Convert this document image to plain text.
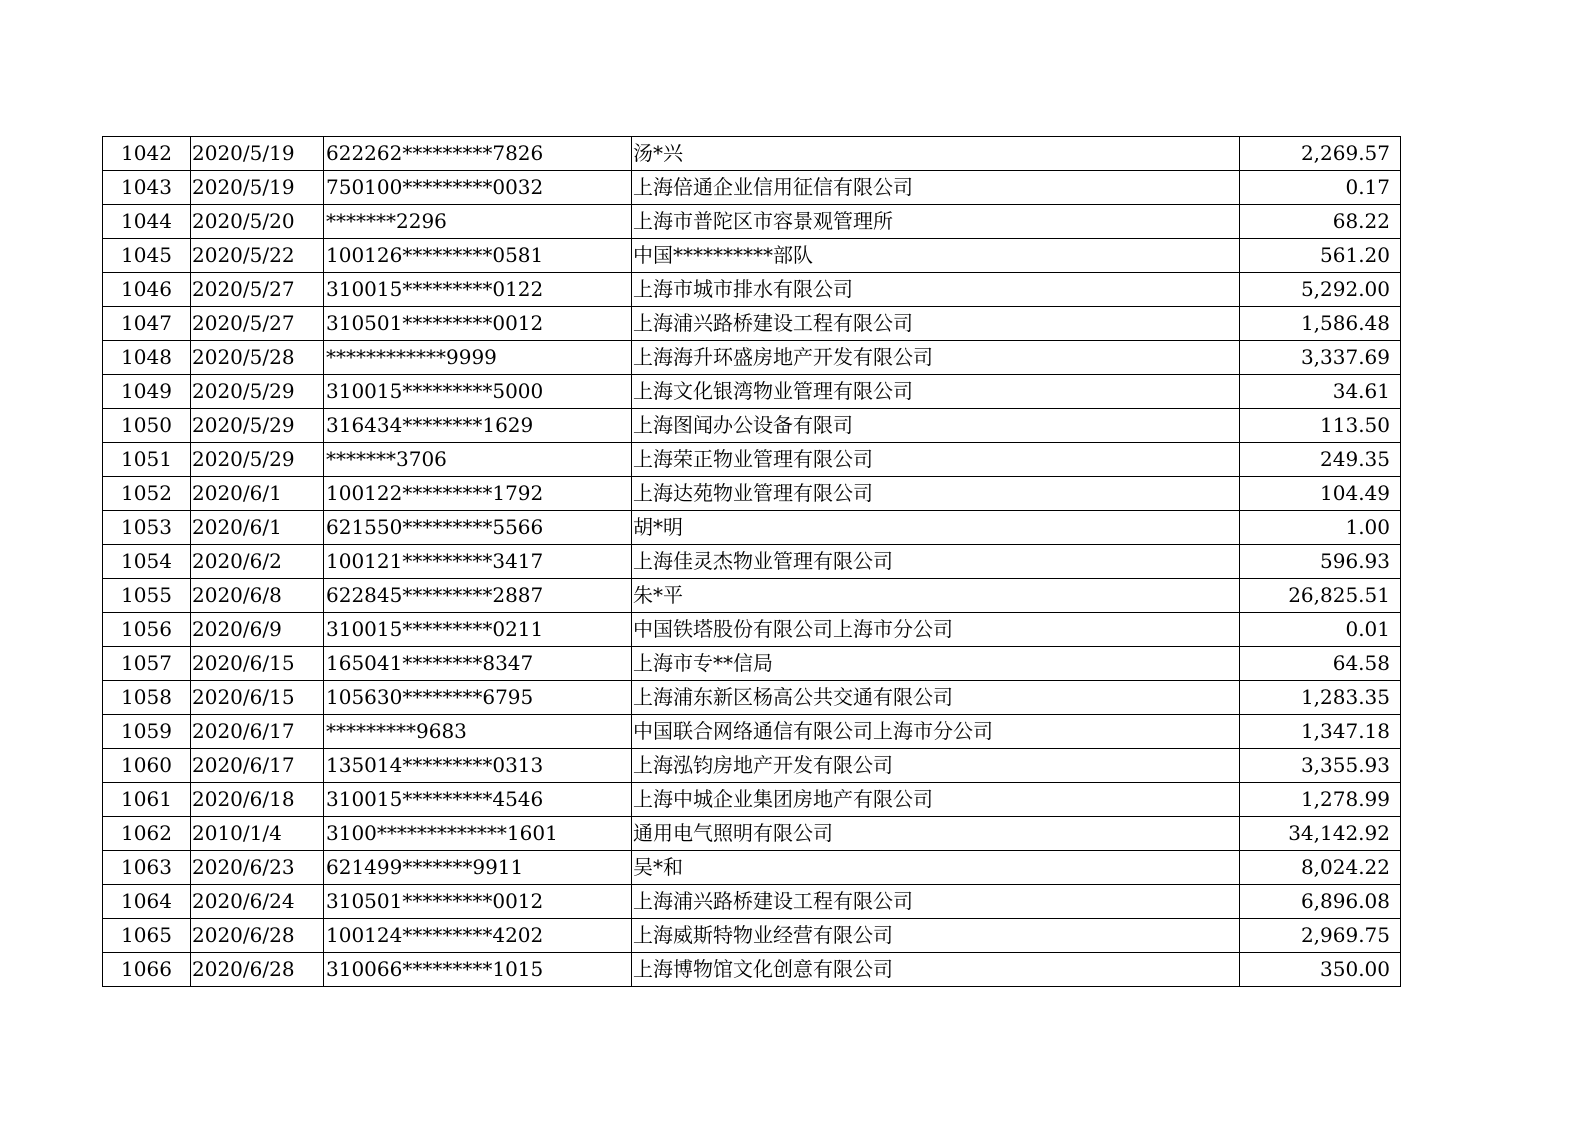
1042	2020/5/19	622262*********7826	汤*兴	2,269.57
1043	2020/5/19	750100*********0032	上海倍通企业信用征信有限公司	0.17
1044	2020/5/20	*******2296	上海市普陀区市容景观管理所	68.22
1045	2020/5/22	100126*********0581	中国**********部队	561.20
1046	2020/5/27	310015*********0122	上海市城市排水有限公司	5,292.00
1047	2020/5/27	310501*********0012	上海浦兴路桥建设工程有限公司	1,586.48
1048	2020/5/28	************9999	上海海升环盛房地产开发有限公司	3,337.69
1049	2020/5/29	310015*********5000	上海文化银湾物业管理有限公司	34.61
1050	2020/5/29	316434********1629	上海图闻办公设备有限司	113.50
1051	2020/5/29	*******3706	上海荣正物业管理有限公司	249.35
1052	2020/6/1	100122*********1792	上海达苑物业管理有限公司	104.49
1053	2020/6/1	621550*********5566	胡*明	1.00
1054	2020/6/2	100121*********3417	上海佳灵杰物业管理有限公司	596.93
1055	2020/6/8	622845*********2887	朱*平	26,825.51
1056	2020/6/9	310015*********0211	中国铁塔股份有限公司上海市分公司	0.01
1057	2020/6/15	165041********8347	上海市专**信局	64.58
1058	2020/6/15	105630********6795	上海浦东新区杨高公共交通有限公司	1,283.35
1059	2020/6/17	*********9683	中国联合网络通信有限公司上海市分公司	1,347.18
1060	2020/6/17	135014*********0313	上海泓钧房地产开发有限公司	3,355.93
1061	2020/6/18	310015*********4546	上海中城企业集团房地产有限公司	1,278.99
1062	2010/1/4	3100*************1601	通用电气照明有限公司	34,142.92
1063	2020/6/23	621499*******9911	吴*和	8,024.22
1064	2020/6/24	310501*********0012	上海浦兴路桥建设工程有限公司	6,896.08
1065	2020/6/28	100124*********4202	上海威斯特物业经营有限公司	2,969.75
1066	2020/6/28	310066*********1015	上海博物馆文化创意有限公司	350.00
